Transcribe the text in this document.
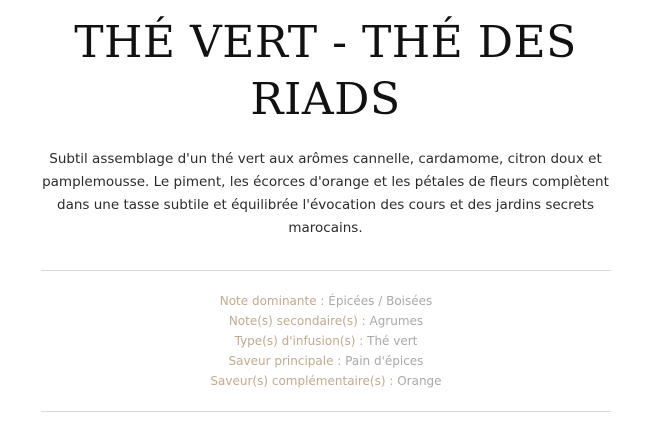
THÉ VERT - THÉ DES RIADS

Subtil assemblage d'un thé vert aux arômes cannelle, cardamome, citron doux et pamplemousse. Le piment, les écorces d'orange et les pétales de fleurs complètent dans une tasse subtile et équilibrée l'évocation des cours et des jardins secrets marocains.

Note dominante : Épicées / Boisées
Note(s) secondaire(s) : Agrumes
Type(s) d'infusion(s) : Thé vert
Saveur principale : Pain d'épices
Saveur(s) complémentaire(s) : Orange
